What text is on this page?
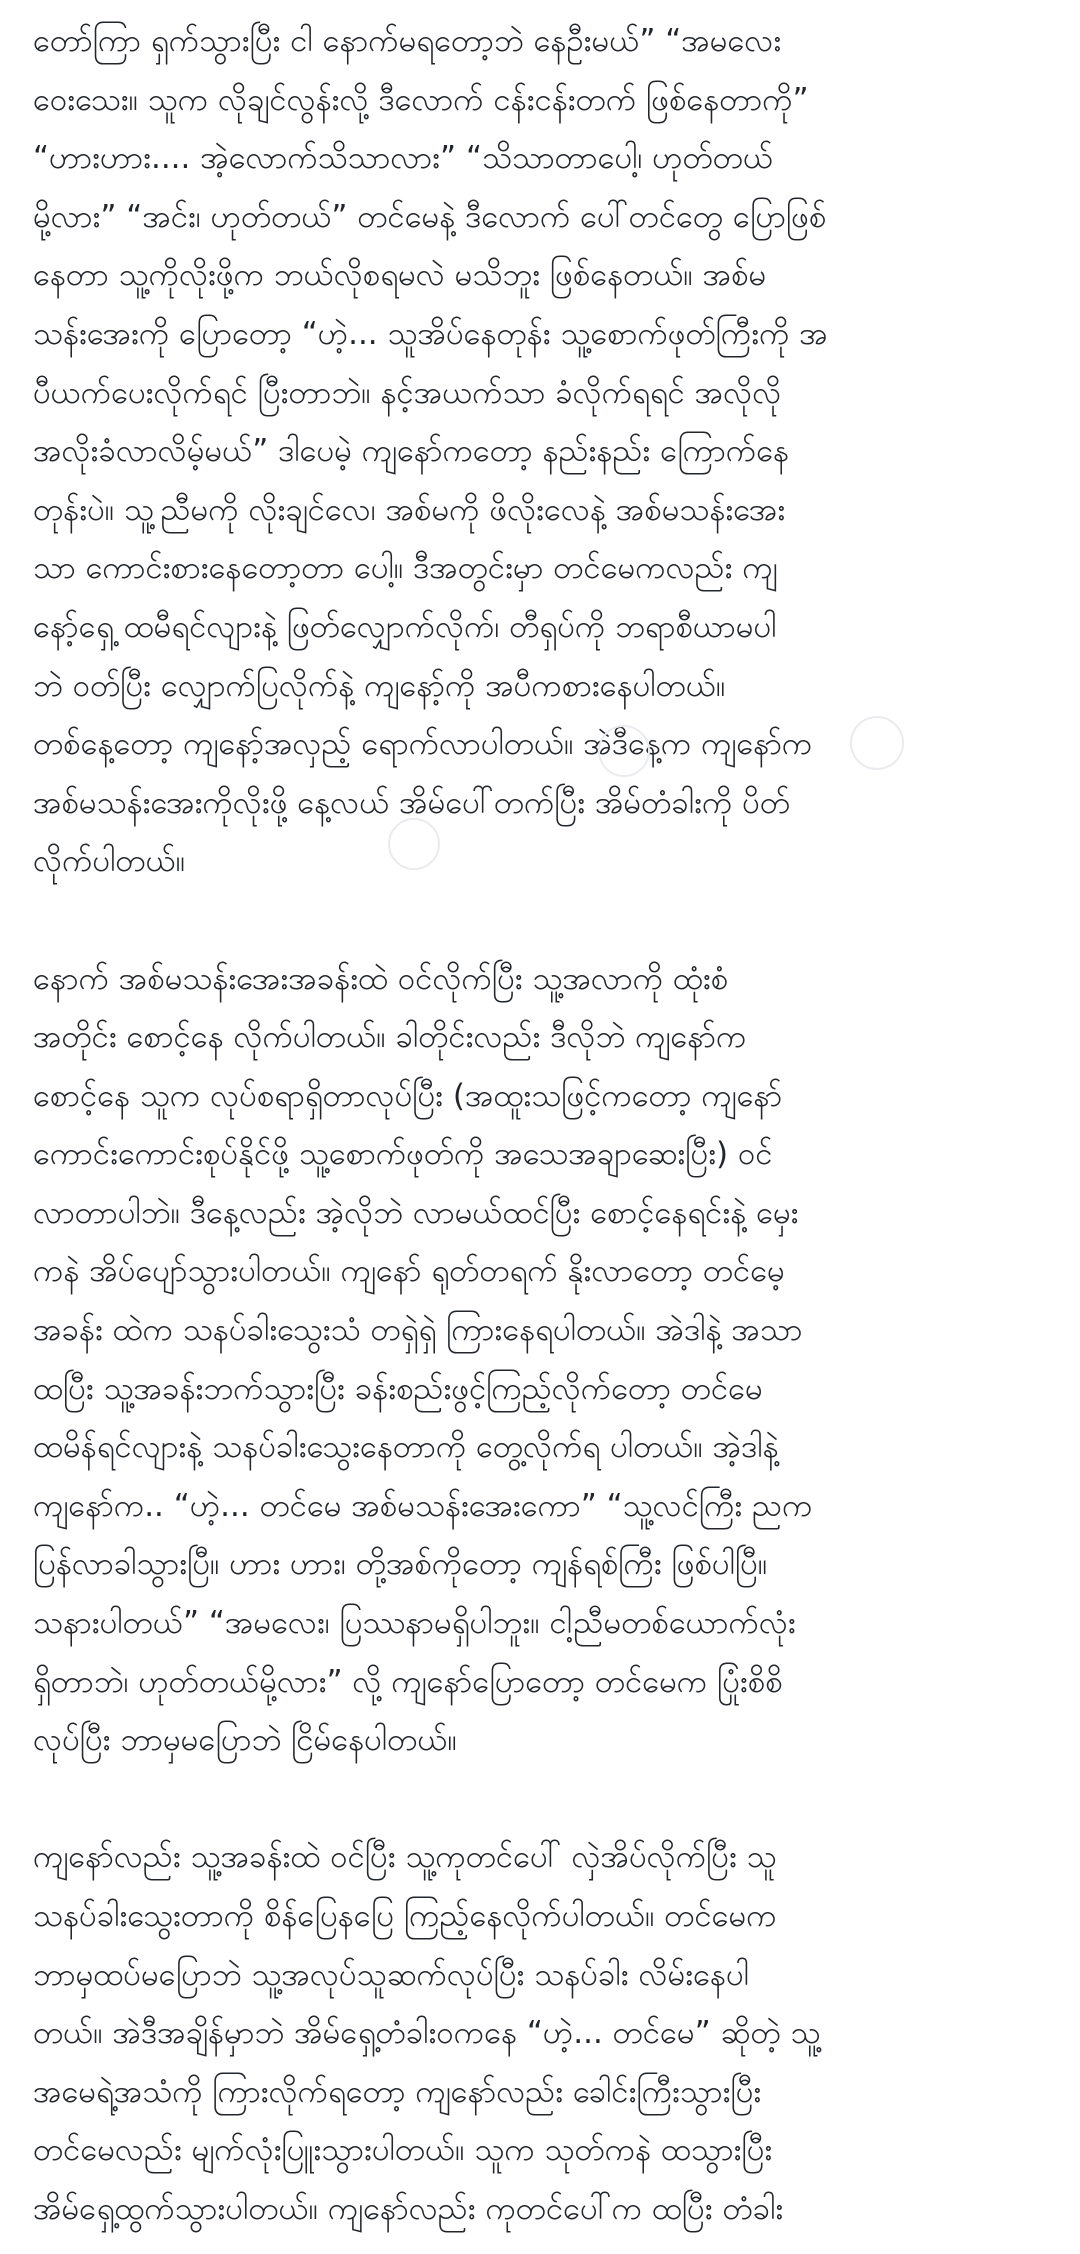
တော်ကြာ ရှက်သွားပြီး ငါ နောက်မရတော့ဘဲ နေဦးမယ်” “အမလေး
ဝေးသေး။ သူက လိုချင်လွန်းလို့ ဒီလောက် ငန်းငန်းတက် ဖြစ်နေတာကို”
“ဟားဟား.... အဲ့လောက်သိသာလား” “သိသာတာပေါ့၊ ဟုတ်တယ်
မို့လား” “အင်း၊ ဟုတ်တယ်” တင်မေနဲ့ ဒီလောက် ပေါ်တင်တွေ ပြောဖြစ်
နေတာ သူ့ကိုလိုးဖို့က ဘယ်လိုစရမလဲ မသိဘူး ဖြစ်နေတယ်။ အစ်မ
သန်းအေးကို ပြောတော့ “ဟဲ့... သူအိပ်နေတုန်း သူ့စောက်ဖုတ်ကြီးကို အ
ပီယက်ပေးလိုက်ရင် ပြီးတာဘဲ။ နင့်အယက်သာ ခံလိုက်ရရင် အလိုလို
အလိုးခံလာလိမ့်မယ်” ဒါပေမဲ့ ကျနော်ကတော့ နည်းနည်း ကြောက်နေ
တုန်းပဲ။ သူ့ညီမကို လိုးချင်လေ၊ အစ်မကို ဖိလိုးလေနဲ့ အစ်မသန်းအေး
သာ ကောင်းစားနေတော့တာ ပေါ့။ ဒီအတွင်းမှာ တင်မေကလည်း ကျ
နော့်ရှေ့ ထမီရင်လျားနဲ့ ဖြတ်လျှောက်လိုက်၊ တီရှပ်ကို ဘရာစီယာမပါ
ဘဲ ဝတ်ပြီး လျှောက်ပြလိုက်နဲ့ ကျနော့်ကို အပီကစားနေပါတယ်။
တစ်နေ့တော့ ကျနော့်အလှည့် ရောက်လာပါတယ်။ အဲဒီနေ့က ကျနော်က
အစ်မသန်းအေးကိုလိုးဖို့ နေ့လယ် အိမ်ပေါ်တက်ပြီး အိမ်တံခါးကို ပိတ်
လိုက်ပါတယ်။
နောက် အစ်မသန်းအေးအခန်းထဲ ဝင်လိုက်ပြီး သူ့အလာကို ထုံးစံ
အတိုင်း စောင့်နေ လိုက်ပါတယ်။ ခါတိုင်းလည်း ဒီလိုဘဲ ကျနော်က
စောင့်နေ သူက လုပ်စရာရှိတာလုပ်ပြီး (အထူးသဖြင့်ကတော့ ကျနော်
ကောင်းကောင်းစုပ်နိုင်ဖို့ သူ့စောက်ဖုတ်ကို အသေအချာဆေးပြီး) ဝင်
လာတာပါဘဲ။ ဒီနေ့လည်း အဲ့လိုဘဲ လာမယ်ထင်ပြီး စောင့်နေရင်းနဲ့ မှေး
ကနဲ အိပ်ပျော်သွားပါတယ်။ ကျနော် ရုတ်တရက် နိုးလာတော့ တင်မေ့
အခန်း ထဲက သနပ်ခါးသွေးသံ တရှဲရှဲ ကြားနေရပါတယ်။ အဲဒါနဲ့ အသာ
ထပြီး သူ့အခန်းဘက်သွားပြီး ခန်းစည်းဖွင့်ကြည့်လိုက်တော့ တင်မေ
ထမိန်ရင်လျားနဲ့ သနပ်ခါးသွေးနေတာကို တွေ့လိုက်ရ ပါတယ်။ အဲ့ဒါနဲ့
ကျနော်က.. “ဟဲ့... တင်မေ အစ်မသန်းအေးကော” “သူ့လင်ကြီး ညက
ပြန်လာခါသွားပြီ။ ဟား ဟား၊ တို့အစ်ကိုတော့ ကျန်ရစ်ကြီး ဖြစ်ပါပြီ။
သနားပါတယ်” “အမလေး၊ ပြဿနာမရှိပါဘူး။ ငါ့ညီမတစ်ယောက်လုံး
ရှိတာဘဲ၊ ဟုတ်တယ်မို့လား” လို့ ကျနော်ပြောတော့ တင်မေက ပြုံးစိစိ
လုပ်ပြီး ဘာမှမပြောဘဲ ငြိမ်နေပါတယ်။
ကျနော်လည်း သူ့အခန်းထဲ ဝင်ပြီး သူ့ကုတင်ပေါ် လှဲအိပ်လိုက်ပြီး သူ
သနပ်ခါးသွေးတာကို စိန်ပြေနပြေ ကြည့်နေလိုက်ပါတယ်။ တင်မေက
ဘာမှထပ်မပြောဘဲ သူ့အလုပ်သူဆက်လုပ်ပြီး သနပ်ခါး လိမ်းနေပါ
တယ်။ အဲဒီအချိန်မှာဘဲ အိမ်ရှေ့တံခါးဝကနေ “ဟဲ့... တင်မေ” ဆိုတဲ့ သူ့
အမေရဲ့အသံကို ကြားလိုက်ရတော့ ကျနော်လည်း ခေါင်းကြီးသွားပြီး
တင်မေလည်း မျက်လုံးပြူးသွားပါတယ်။ သူက သုတ်ကနဲ ထသွားပြီး
အိမ်ရှေ့ထွက်သွားပါတယ်။ ကျနော်လည်း ကုတင်ပေါ်က ထပြီး တံခါး
